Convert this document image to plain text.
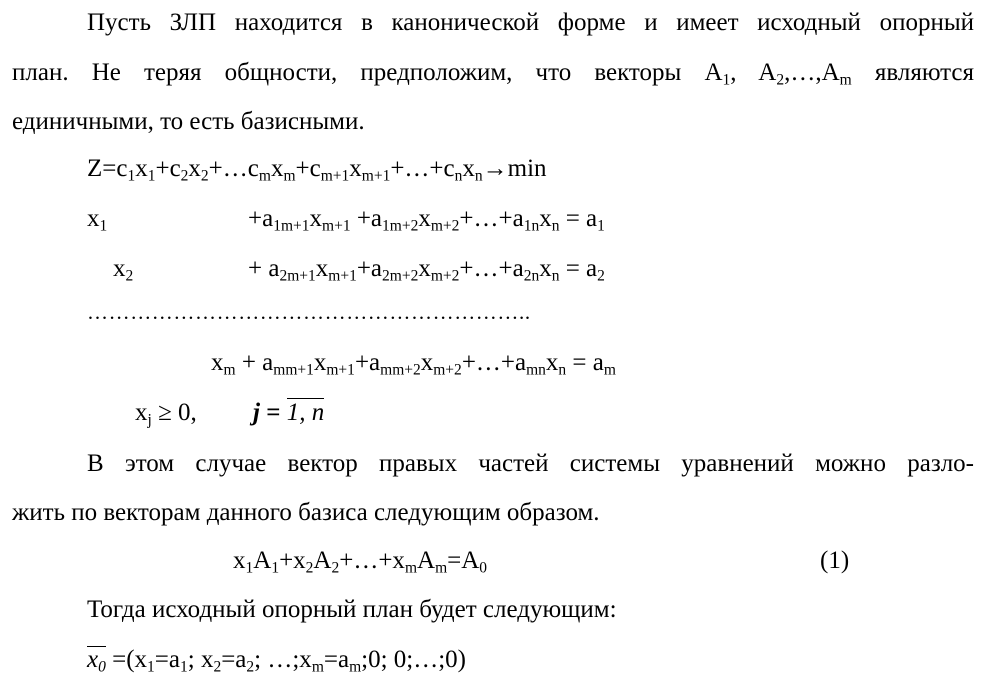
Пусть ЗЛП находится в канонической форме и имеет исходный опорный
план. Не теряя общности, предположим, что векторы $A_1$, $A_2,\dots,A_m$ являются
единичными, то есть базисными.
$Z=c_1x_1+c_2x_2+\dots c_mx_m+c_{m+1}x_{m+1}+\dots+c_nx_n\to\min$
$x_1$	$+a_{1m+1}x_{m+1}$ $+a_{1m+2}x_{m+2}+\dots+a_{1n}x_n = a_1$
$x_2$	+ $a_{2m+1}x_{m+1}+a_{2m+2}x_{m+2}+\dots+a_{2n}x_n = a_2$
……………………………………………………..
$x_m$ + $a_{mm+1}x_{m+1}+a_{mm+2}x_{m+2}+\dots+a_{mn}x_n = a_m$
$x_j \ge 0$, j = 1, n
В этом случае вектор правых частей системы уравнений можно разло-
жить по векторам данного базиса следующим образом.
$x_1A_1+x_2A_2+\dots+x_mA_m=A_0$	(1)
Тогда исходный опорный план будет следующим:
$x_0 =(x_1=a_1$; $x_2=a_2$; $\dots;x_m=a_m;0$; 0;…;0)
